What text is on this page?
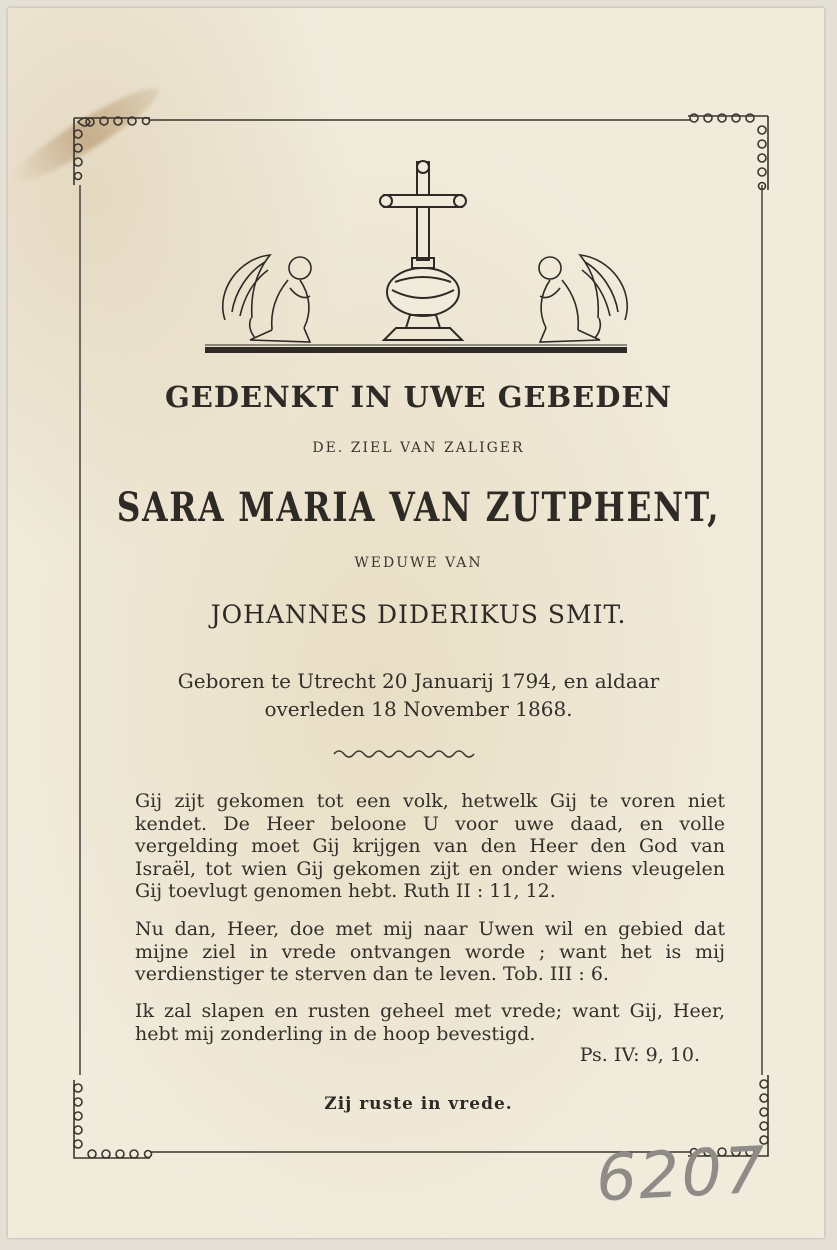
GEDENKT IN UWE GEBEDEN

DE. ZIEL VAN ZALIGER

SARA MARIA VAN ZUTPHENT,

WEDUWE VAN

JOHANNES DIDERIKUS SMIT.

Geboren te Utrecht 20 Januarij 1794, en aldaar
overleden 18 November 1868.

Gij zijt gekomen tot een volk, hetwelk Gij te voren niet kendet. De Heer beloone U voor uwe daad, en volle vergelding moet Gij krijgen van den Heer den God van Israël, tot wien Gij gekomen zijt en onder wiens vleugelen Gij toevlugt genomen hebt. Ruth II : 11, 12.

Nu dan, Heer, doe met mij naar Uwen wil en gebied dat mijne ziel in vrede ontvangen worde ; want het is mij verdienstiger te sterven dan te leven. Tob. III : 6.

Ik zal slapen en rusten geheel met vrede; want Gij, Heer, hebt mij zonderling in de hoop bevestigd.

Ps. IV: 9, 10.

Zij ruste in vrede.

6207
